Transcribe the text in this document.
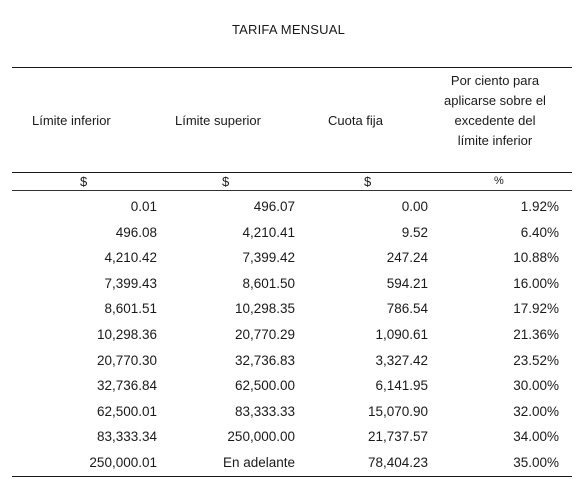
TARIFA MENSUAL
Límite inferior	Límite superior	Cuota fija
Por ciento para
aplicarse sobre el
excedente del
límite inferior
$	$	$	%
0.01	496.07	0.00	1.92%
496.08	4,210.41	9.52	6.40%
4,210.42	7,399.42	247.24	10.88%
7,399.43	8,601.50	594.21	16.00%
8,601.51	10,298.35	786.54	17.92%
10,298.36	20,770.29	1,090.61	21.36%
20,770.30	32,736.83	3,327.42	23.52%
32,736.84	62,500.00	6,141.95	30.00%
62,500.01	83,333.33	15,070.90	32.00%
83,333.34	250,000.00	21,737.57	34.00%
250,000.01	En adelante	78,404.23	35.00%
